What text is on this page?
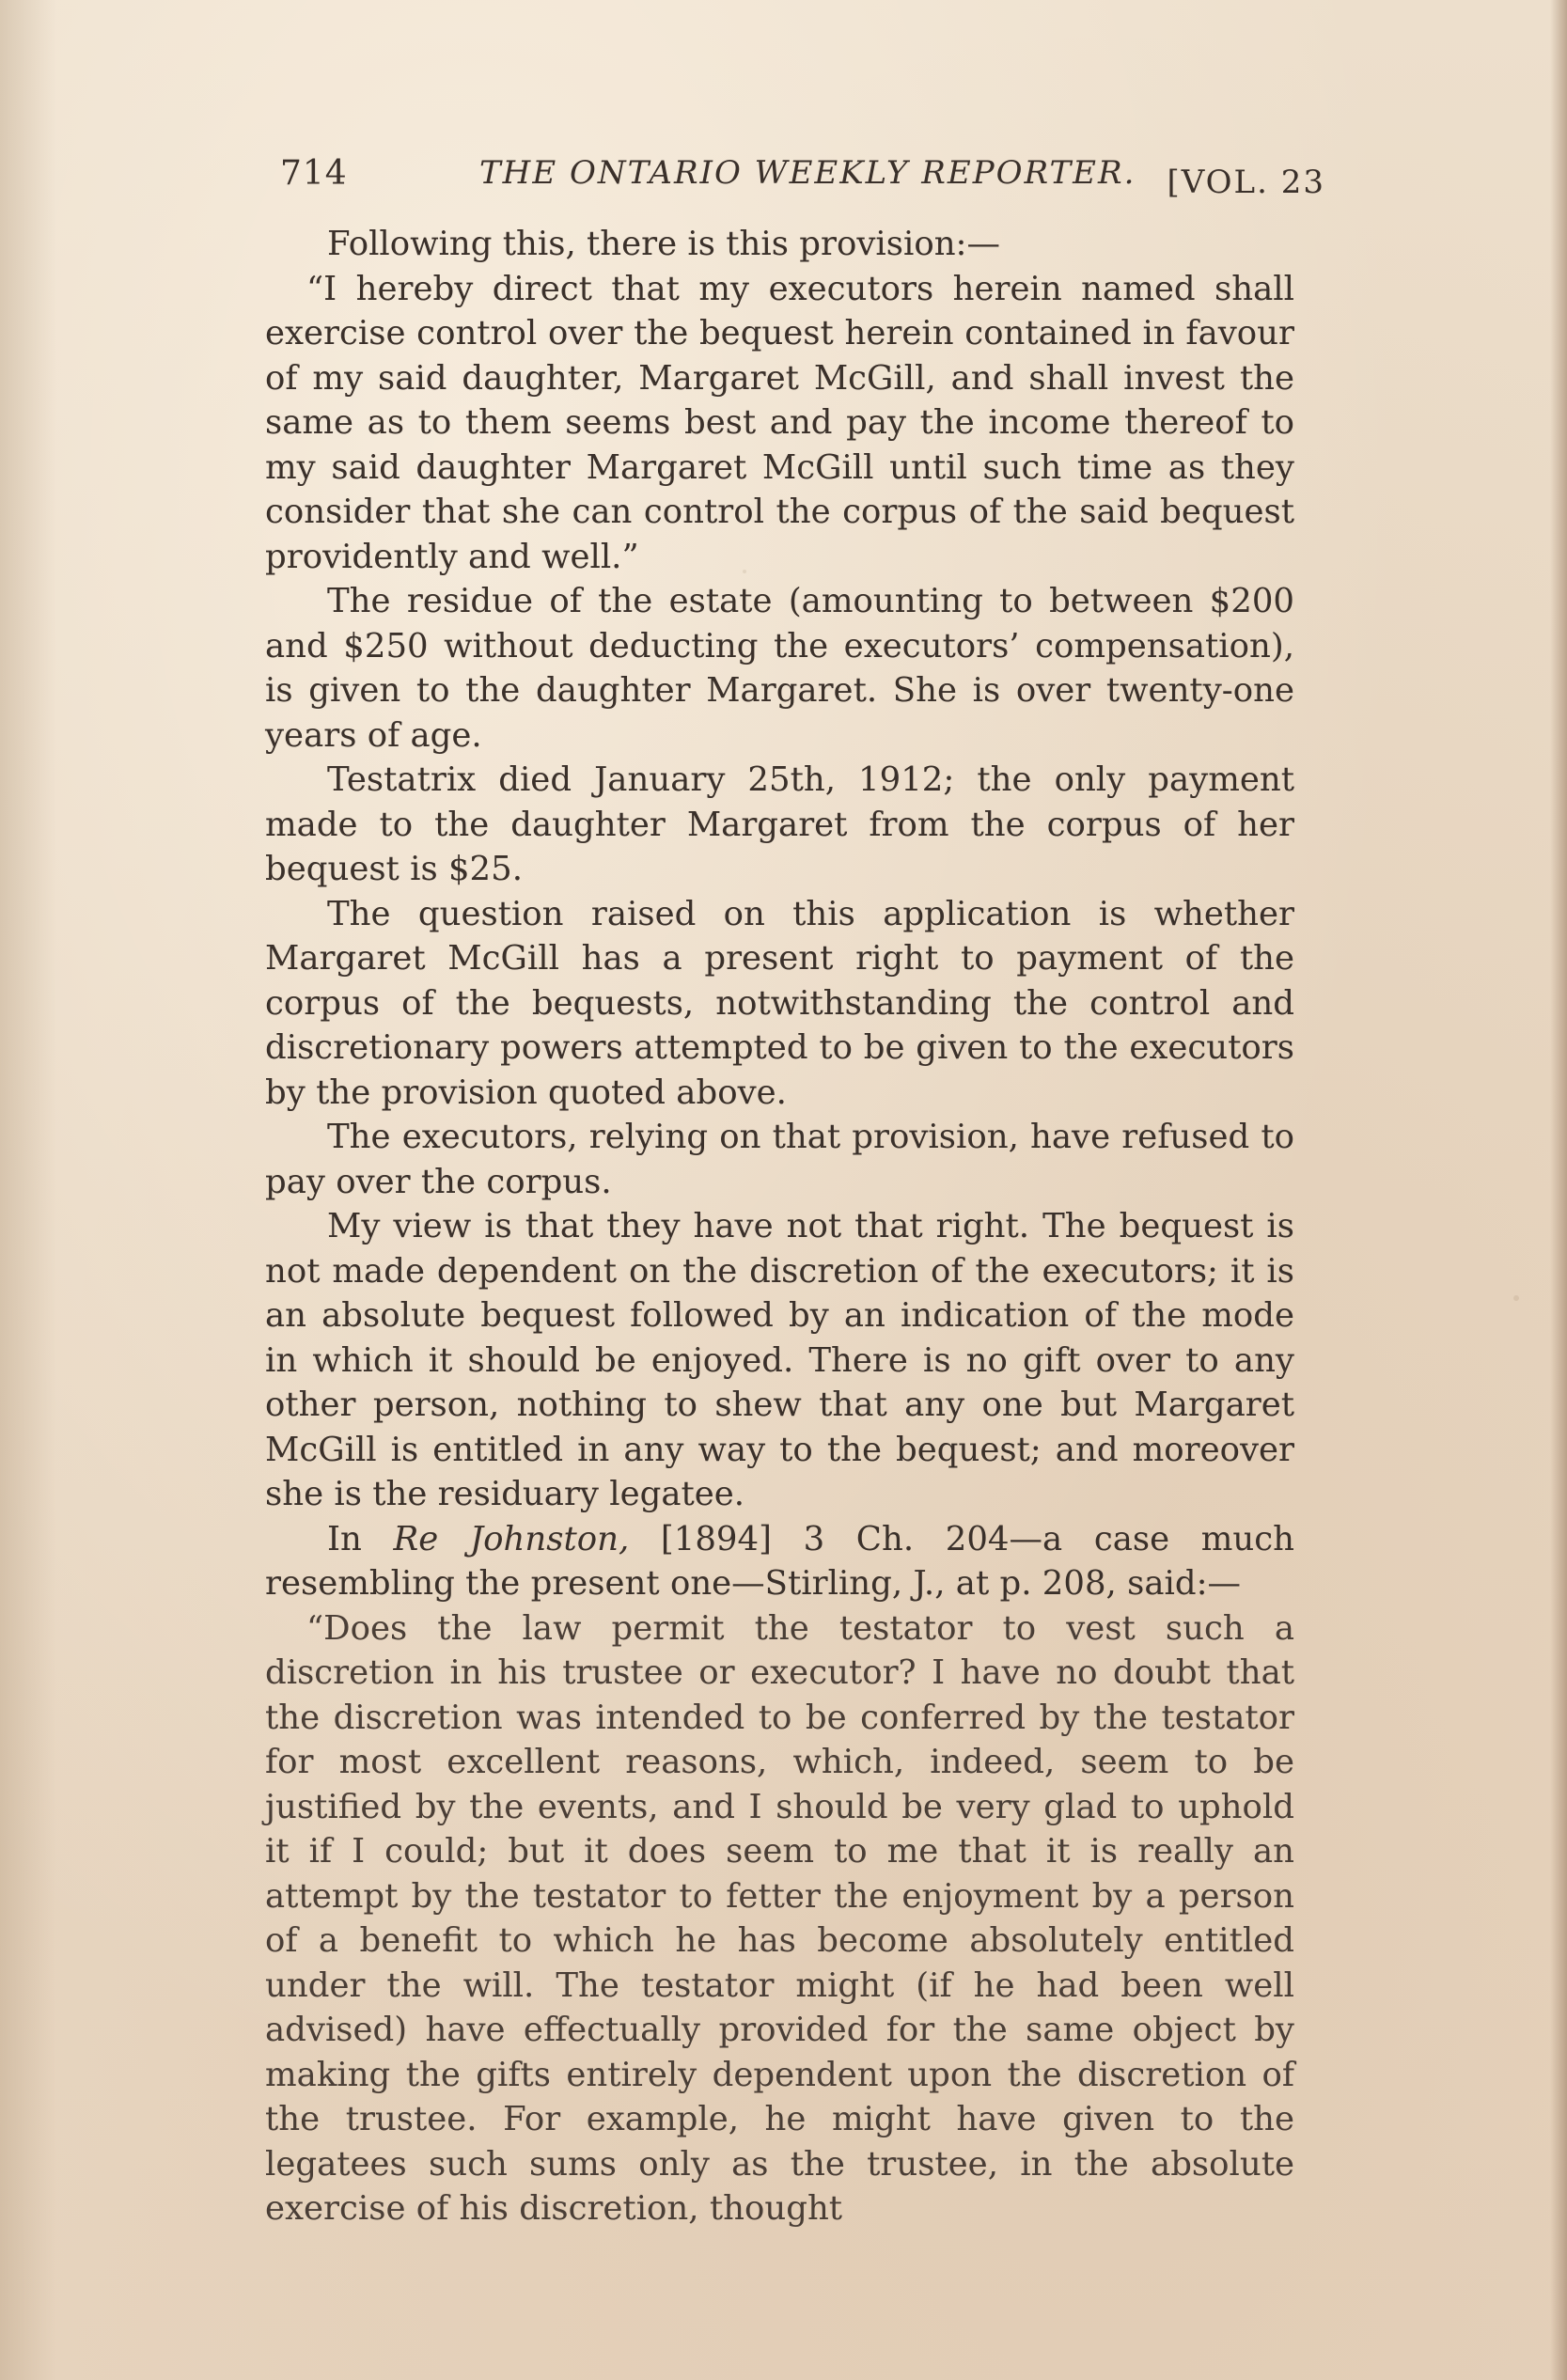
714	THE ONTARIO WEEKLY REPORTER. [VOL. 23

Following this, there is this provision:—

“I hereby direct that my executors herein named shall exercise control over the bequest herein contained in favour of my said daughter, Margaret McGill, and shall invest the same as to them seems best and pay the income thereof to my said daughter Margaret McGill until such time as they consider that she can control the corpus of the said bequest providently and well.”

The residue of the estate (amounting to between $200 and $250 without deducting the executors’ compensation), is given to the daughter Margaret. She is over twenty-one years of age.

Testatrix died January 25th, 1912; the only payment made to the daughter Margaret from the corpus of her bequest is $25.

The question raised on this application is whether Margaret McGill has a present right to payment of the corpus of the bequests, notwithstanding the control and discretionary powers attempted to be given to the executors by the provision quoted above.

The executors, relying on that provision, have refused to pay over the corpus.

My view is that they have not that right. The bequest is not made dependent on the discretion of the executors; it is an absolute bequest followed by an indication of the mode in which it should be enjoyed. There is no gift over to any other person, nothing to shew that any one but Margaret McGill is entitled in any way to the bequest; and moreover she is the residuary legatee.

In Re Johnston, [1894] 3 Ch. 204—a case much resembling the present one—Stirling, J., at p. 208, said:—

“Does the law permit the testator to vest such a discretion in his trustee or executor? I have no doubt that the discretion was intended to be conferred by the testator for most excellent reasons, which, indeed, seem to be justified by the events, and I should be very glad to uphold it if I could; but it does seem to me that it is really an attempt by the testator to fetter the enjoyment by a person of a benefit to which he has become absolutely entitled under the will. The testator might (if he had been well advised) have effectually provided for the same object by making the gifts entirely dependent upon the discretion of the trustee. For example, he might have given to the legatees such sums only as the trustee, in the absolute exercise of his discretion, thought
